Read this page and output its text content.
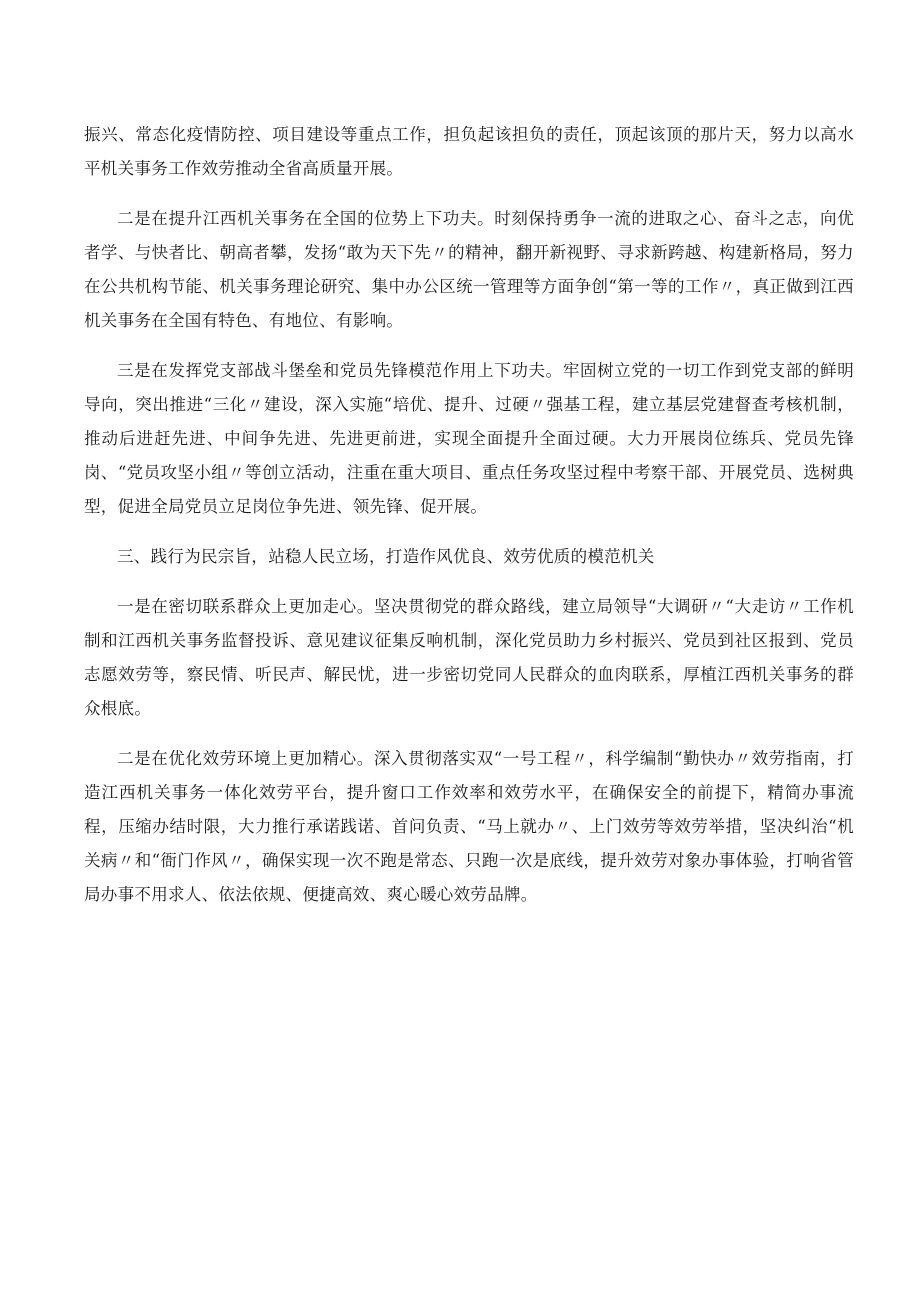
振兴、常态化疫情防控、项目建设等重点工作，担负起该担负的责任，顶起该顶的那片天，努力以高水平机关事务工作效劳推动全省高质量开展。

二是在提升江西机关事务在全国的位势上下功夫。时刻保持勇争一流的进取之心、奋斗之志，向优者学、与快者比、朝高者攀，发扬“敢为天下先〃的精神，翻开新视野、寻求新跨越、构建新格局，努力在公共机构节能、机关事务理论研究、集中办公区统一管理等方面争创“第一等的工作〃，真正做到江西机关事务在全国有特色、有地位、有影响。

三是在发挥党支部战斗堡垒和党员先锋模范作用上下功夫。牢固树立党的一切工作到党支部的鲜明导向，突出推进“三化〃建设，深入实施“培优、提升、过硬〃强基工程，建立基层党建督查考核机制，推动后进赶先进、中间争先进、先进更前进，实现全面提升全面过硬。大力开展岗位练兵、党员先锋岗、“党员攻坚小组〃等创立活动，注重在重大项目、重点任务攻坚过程中考察干部、开展党员、选树典型，促进全局党员立足岗位争先进、领先锋、促开展。

三、践行为民宗旨，站稳人民立场，打造作风优良、效劳优质的模范机关

一是在密切联系群众上更加走心。坚决贯彻党的群众路线，建立局领导“大调研〃“大走访〃工作机制和江西机关事务监督投诉、意见建议征集反响机制，深化党员助力乡村振兴、党员到社区报到、党员志愿效劳等，察民情、听民声、解民忧，进一步密切党同人民群众的血肉联系，厚植江西机关事务的群众根底。

二是在优化效劳环境上更加精心。深入贯彻落实双“一号工程〃，科学编制“勤快办〃效劳指南，打造江西机关事务一体化效劳平台，提升窗口工作效率和效劳水平，在确保安全的前提下，精简办事流程，压缩办结时限，大力推行承诺践诺、首问负责、“马上就办〃、上门效劳等效劳举措，坚决纠治“机关病〃和“衙门作风〃，确保实现一次不跑是常态、只跑一次是底线，提升效劳对象办事体验，打响省管局办事不用求人、依法依规、便捷高效、爽心暖心效劳品牌。
